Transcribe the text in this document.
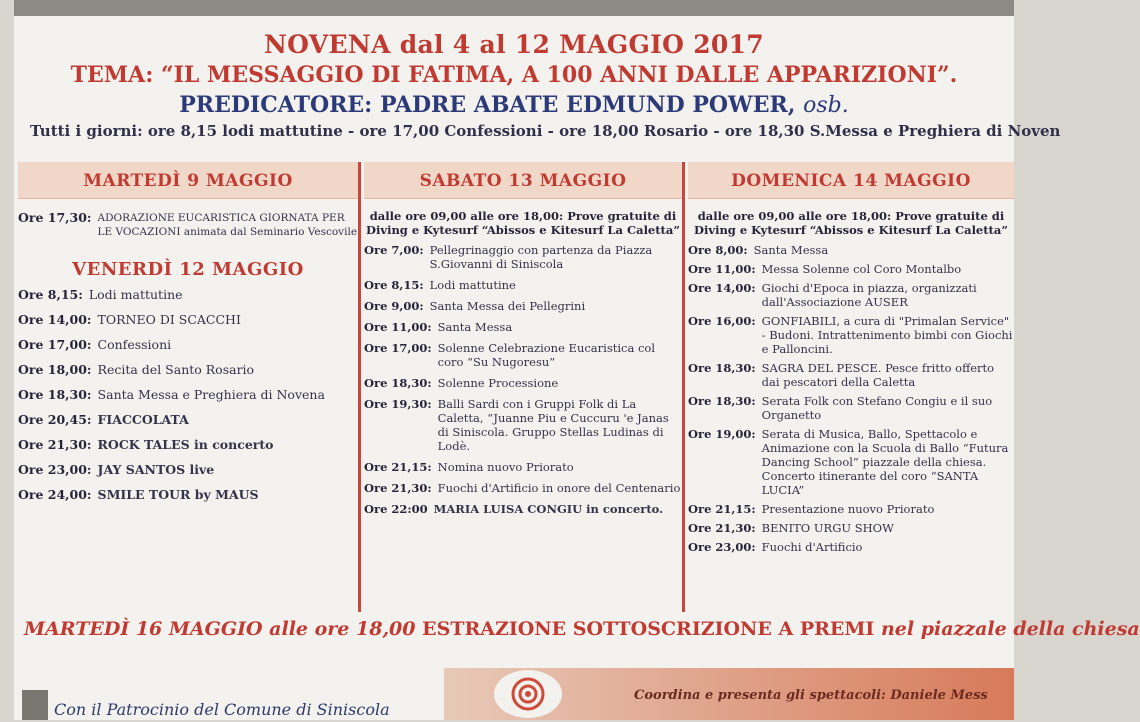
NOVENA dal 4 al 12 MAGGIO 2017
TEMA: “IL MESSAGGIO DI FATIMA, A 100 ANNI DALLE APPARIZIONI”.
PREDICATORE: PADRE ABATE EDMUND POWER, osb.
Tutti i giorni: ore 8,15 lodi mattutine - ore 17,00 Confessioni - ore 18,00 Rosario - ore 18,30 S.Messa e Preghiera di Noven
MARTEDÌ 9 MAGGIO
Ore 17,30: ADORAZIONE EUCARISTICA GIORNATA PER LE VOCAZIONI animata dal Seminario Vescovile
VENERDÌ 12 MAGGIO
Ore 8,15: Lodi mattutine
Ore 14,00: TORNEO DI SCACCHI
Ore 17,00: Confessioni
Ore 18,00: Recita del Santo Rosario
Ore 18,30: Santa Messa e Preghiera di Novena
Ore 20,45: FIACCOLATA
Ore 21,30: ROCK TALES in concerto
Ore 23,00: JAY SANTOS live
Ore 24,00: SMILE TOUR by MAUS
SABATO 13 MAGGIO
dalle ore 09,00 alle ore 18,00: Prove gratuite di Diving e Kytesurf “Abissos e Kitesurf La Caletta”
Ore 7,00: Pellegrinaggio con partenza da Piazza S.Giovanni di Siniscola
Ore 8,15: Lodi mattutine
Ore 9,00: Santa Messa dei Pellegrini
Ore 11,00: Santa Messa
Ore 17,00: Solenne Celebrazione Eucaristica col coro “Su Nugoresu”
Ore 18,30: Solenne Processione
Ore 19,30: Balli Sardi con i Gruppi Folk di La Caletta, “Juanne Piu e Cuccuru 'e Janas di Siniscola. Gruppo Stellas Ludinas di Lodè.
Ore 21,15: Nomina nuovo Priorato
Ore 21,30: Fuochi d'Artificio in onore del Centenario
Ore 22:00 MARIA LUISA CONGIU in concerto.
DOMENICA 14 MAGGIO
dalle ore 09,00 alle ore 18,00: Prove gratuite di Diving e Kytesurf “Abissos e Kitesurf La Caletta”
Ore 8,00: Santa Messa
Ore 11,00: Messa Solenne col Coro Montalbo
Ore 14,00: Giochi d'Epoca in piazza, organizzati dall'Associazione AUSER
Ore 16,00: GONFIABILI, a cura di "Primalan Service" - Budoni. Intrattenimento bimbi con Giochi e Palloncini.
Ore 18,30: SAGRA DEL PESCE. Pesce fritto offerto dai pescatori della Caletta
Ore 18,30: Serata Folk con Stefano Congiu e il suo Organetto
Ore 19,00: Serata di Musica, Ballo, Spettacolo e Animazione con la Scuola di Ballo “Futura Dancing School” piazzale della chiesa. Concerto itinerante del coro “SANTA LUCIA”
Ore 21,15: Presentazione nuovo Priorato
Ore 21,30: BENITO URGU SHOW
Ore 23,00: Fuochi d'Artificio
MARTEDÌ 16 MAGGIO alle ore 18,00 ESTRAZIONE SOTTOSCRIZIONE A PREMI nel piazzale della chiesa
Con il Patrocinio del Comune di Siniscola
Coordina e presenta gli spettacoli: Daniele Mess
